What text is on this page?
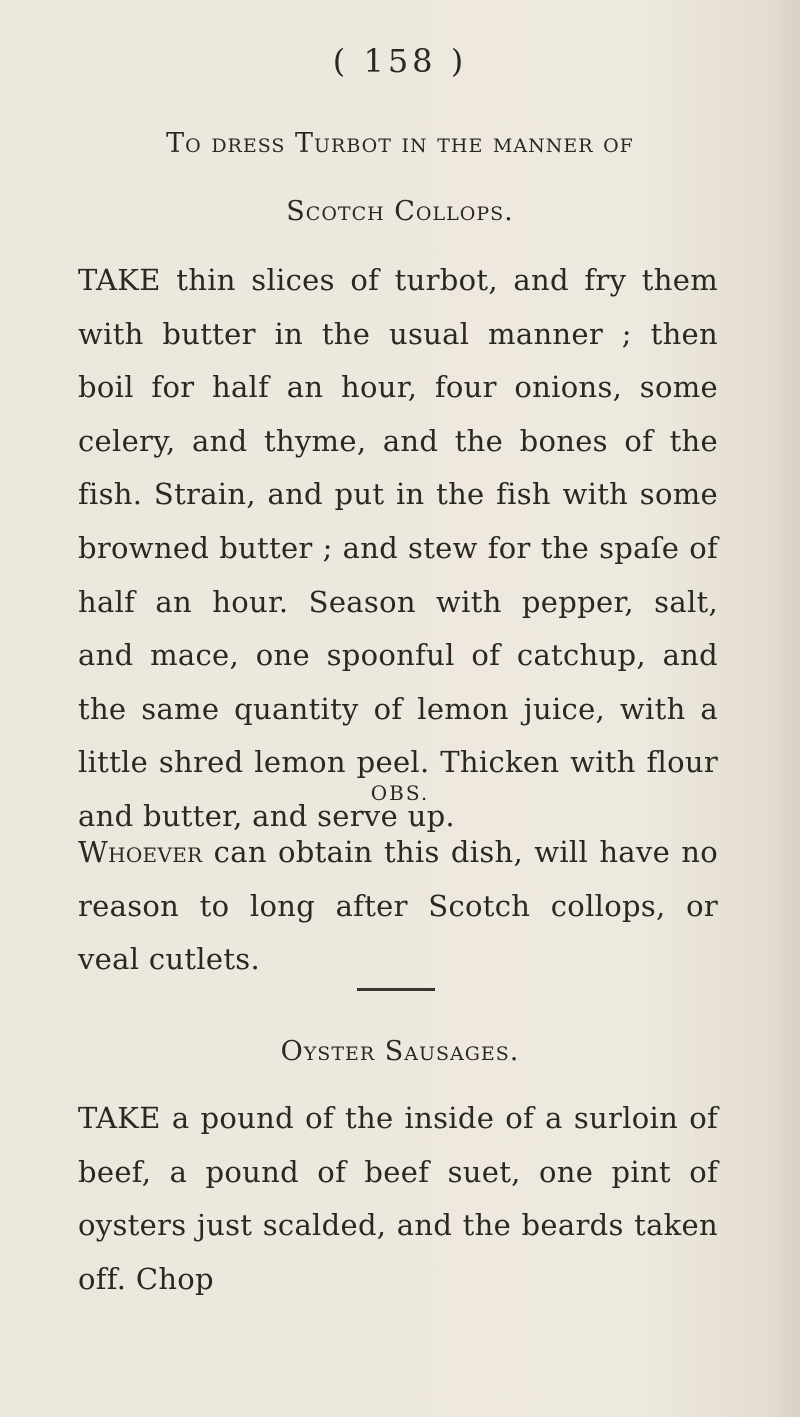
( 158 )
To dress Turbot in the manner of
Scotch Collops.
TAKE thin slices of turbot, and fry them with butter in the usual manner ; then boil for half an hour, four onions, some celery, and thyme, and the bones of the fish. Strain, and put in the fish with some browned butter ; and stew for the spaſe of half an hour. Season with pepper, salt, and mace, one spoonful of catchup, and the same quantity of lemon juice, with a little shred lemon peel. Thicken with flour and butter, and serve up.
OBS.
Whoever can obtain this dish, will have no reason to long after Scotch collops, or veal cutlets.
Oyster Sausages.
TAKE a pound of the inside of a surloin of beef, a pound of beef suet, one pint of oysters just scalded, and the beards taken off. Chop
